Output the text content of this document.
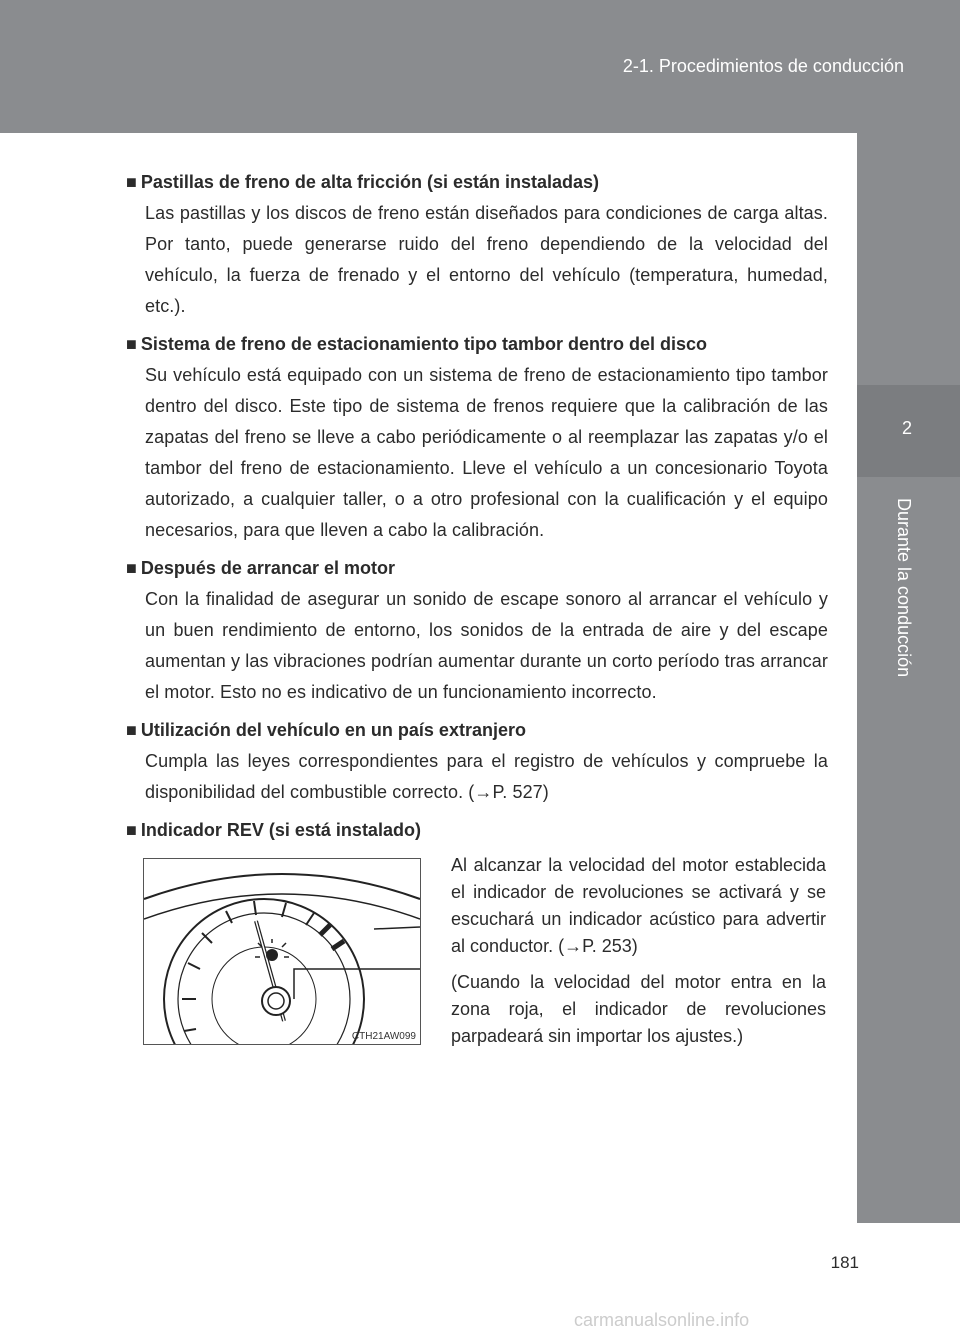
2-1. Procedimientos de conducción
2
Durante la conducción
■ Pastillas de freno de alta fricción (si están instaladas)
Las pastillas y los discos de freno están diseñados para condiciones de carga altas. Por tanto, puede generarse ruido del freno dependiendo de la velocidad del vehículo, la fuerza de frenado y el entorno del vehículo (temperatura, humedad, etc.).
■ Sistema de freno de estacionamiento tipo tambor dentro del disco
Su vehículo está equipado con un sistema de freno de estacionamiento tipo tambor dentro del disco. Este tipo de sistema de frenos requiere que la calibración de las zapatas del freno se lleve a cabo periódicamente o al reemplazar las zapatas y/o el tambor del freno de estacionamiento. Lleve el vehículo a un concesionario Toyota autorizado, a cualquier taller, o a otro profesional con la cualificación y el equipo necesarios, para que lleven a cabo la calibración.
■ Después de arrancar el motor
Con la finalidad de asegurar un sonido de escape sonoro al arrancar el vehículo y un buen rendimiento de entorno, los sonidos de la entrada de aire y del escape aumentan y las vibraciones podrían aumentar durante un corto período tras arrancar el motor. Esto no es indicativo de un funcionamiento incorrecto.
■ Utilización del vehículo en un país extranjero
Cumpla las leyes correspondientes para el registro de vehículos y compruebe la disponibilidad del combustible correcto. (→P. 527)
■ Indicador REV (si está instalado)
CTH21AW099

Al alcanzar la velocidad del motor establecida el indicador de revoluciones se activará y se escuchará un indicador acústico para advertir al conductor. (→P. 253)

(Cuando la velocidad del motor entra en la zona roja, el indicador de revoluciones parpadeará sin importar los ajustes.)

181
carmanualsonline.info
